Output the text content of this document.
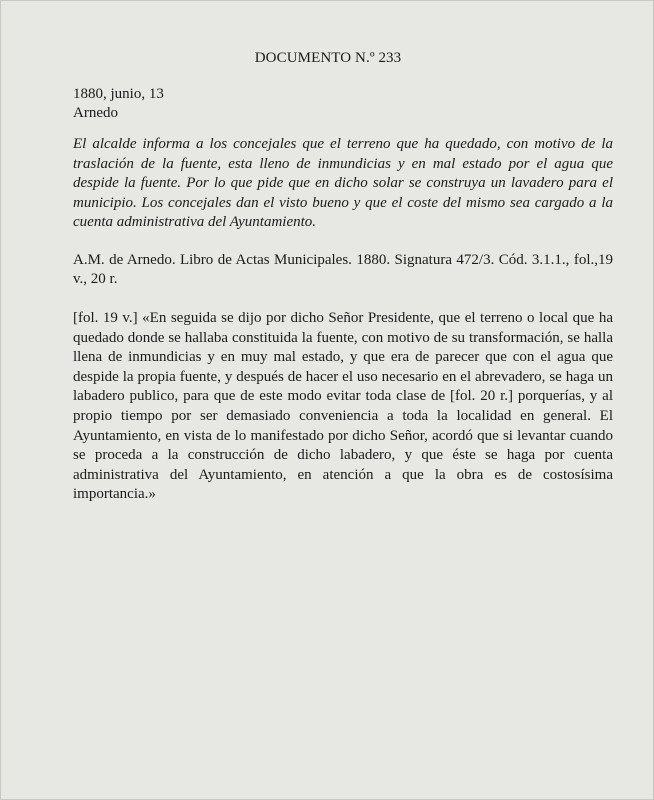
DOCUMENTO N.º 233

1880, junio, 13

Arnedo

El alcalde informa a los concejales que el terreno que ha quedado, con motivo de la traslación de la fuente, esta lleno de inmundicias y en mal estado por el agua que despide la fuente. Por lo que pide que en dicho solar se construya un lavadero para el municipio. Los concejales dan el visto bueno y que el coste del mismo sea cargado a la cuenta administrativa del Ayuntamiento.

A.M. de Arnedo. Libro de Actas Municipales. 1880. Signatura 472/3. Cód. 3.1.1., fol.,19 v., 20 r.

[fol. 19 v.] «En seguida se dijo por dicho Señor Presidente, que el terreno o local que ha quedado donde se hallaba constituida la fuente, con motivo de su transformación, se halla llena de inmundicias y en muy mal estado, y que era de parecer que con el agua que despide la propia fuente, y después de hacer el uso necesario en el abrevadero, se haga un labadero publico, para que de este modo evitar toda clase de [fol. 20 r.] porquerías, y al propio tiempo por ser demasiado conveniencia a toda la localidad en general. El Ayuntamiento, en vista de lo manifestado por dicho Señor, acordó que si levantar cuando se proceda a la construcción de dicho labadero, y que éste se haga por cuenta administrativa del Ayuntamiento, en atención a que la obra es de costosísima importancia.»
